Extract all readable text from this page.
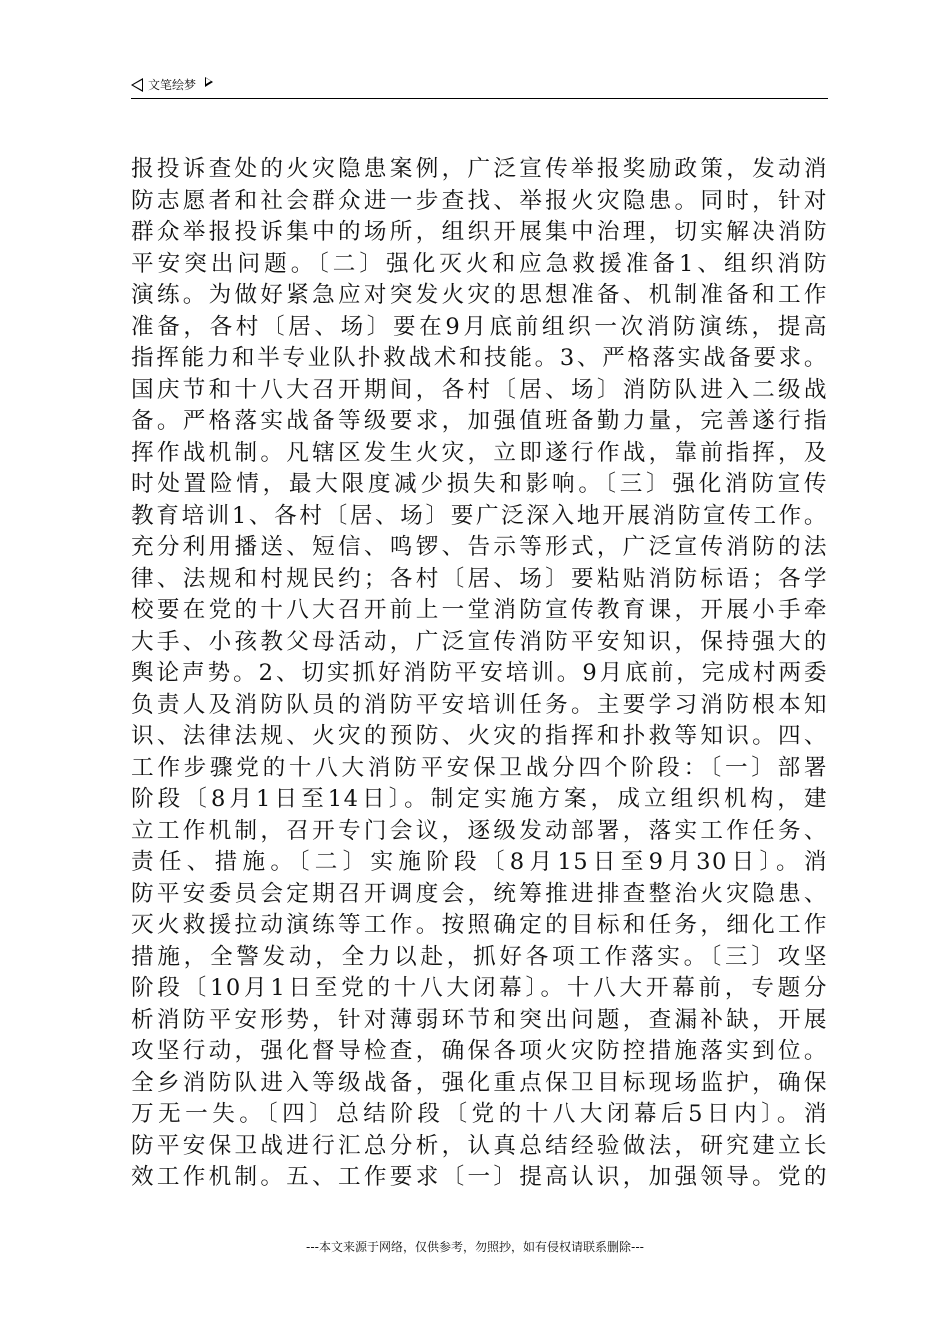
文笔绘梦
报投诉查处的火灾隐患案例，广泛宣传举报奖励政策，发动消
防志愿者和社会群众进一步查找、举报火灾隐患。同时，针对
群众举报投诉集中的场所，组织开展集中治理，切实解决消防
平安突出问题。〔二〕强化灭火和应急救援准备1、组织消防
演练。为做好紧急应对突发火灾的思想准备、机制准备和工作
准备，各村〔居、场〕要在9月底前组织一次消防演练，提高
指挥能力和半专业队扑救战术和技能。3、严格落实战备要求。
国庆节和十八大召开期间，各村〔居、场〕消防队进入二级战
备。严格落实战备等级要求，加强值班备勤力量，完善遂行指
挥作战机制。凡辖区发生火灾，立即遂行作战，靠前指挥，及
时处置险情，最大限度减少损失和影响。〔三〕强化消防宣传
教育培训1、各村〔居、场〕要广泛深入地开展消防宣传工作。
充分利用播送、短信、鸣锣、告示等形式，广泛宣传消防的法
律、法规和村规民约；各村〔居、场〕要粘贴消防标语；各学
校要在党的十八大召开前上一堂消防宣传教育课，开展小手牵
大手、小孩教父母活动，广泛宣传消防平安知识，保持强大的
舆论声势。2、切实抓好消防平安培训。9月底前，完成村两委
负责人及消防队员的消防平安培训任务。主要学习消防根本知
识、法律法规、火灾的预防、火灾的指挥和扑救等知识。四、
工作步骤党的十八大消防平安保卫战分四个阶段：〔一〕部署
阶段〔8月1日至14日〕。制定实施方案，成立组织机构，建
立工作机制，召开专门会议，逐级发动部署，落实工作任务、
责任、措施。〔二〕实施阶段〔8月15日至9月30日〕。消
防平安委员会定期召开调度会，统筹推进排查整治火灾隐患、
灭火救援拉动演练等工作。按照确定的目标和任务，细化工作
措施，全警发动，全力以赴，抓好各项工作落实。〔三〕攻坚
阶段〔10月1日至党的十八大闭幕〕。十八大开幕前，专题分
析消防平安形势，针对薄弱环节和突出问题，查漏补缺，开展
攻坚行动，强化督导检查，确保各项火灾防控措施落实到位。
全乡消防队进入等级战备，强化重点保卫目标现场监护，确保
万无一失。〔四〕总结阶段〔党的十八大闭幕后5日内〕。消
防平安保卫战进行汇总分析，认真总结经验做法，研究建立长
效工作机制。五、工作要求〔一〕提高认识，加强领导。党的
---本文来源于网络，仅供参考，勿照抄，如有侵权请联系删除---
